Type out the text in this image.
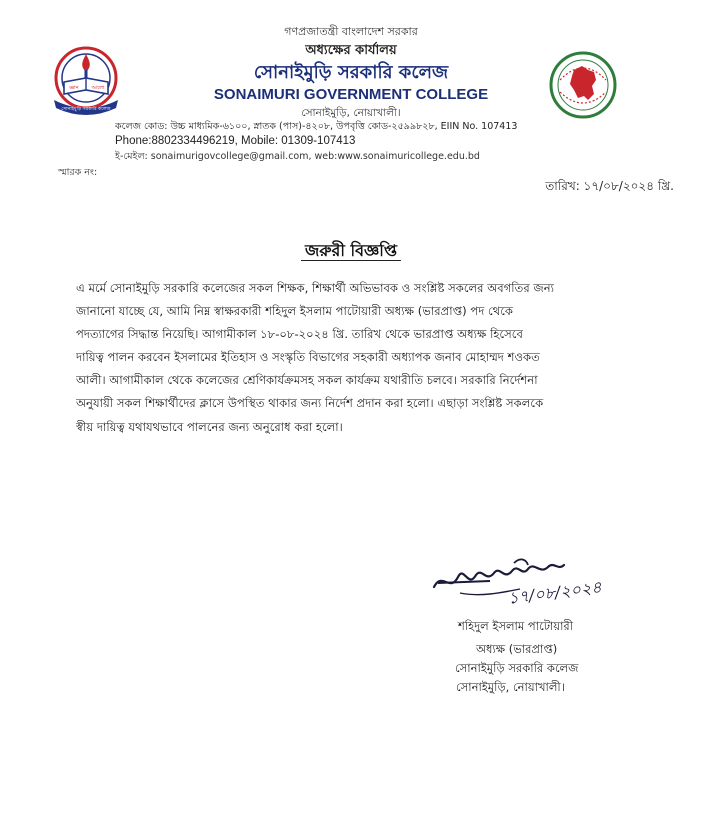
জ্ঞান	আলো
সোনাইমুড়ি সরকারি কলেজ
গণপ্রজাতন্ত্রী বাংলাদেশ সরকার
অধ্যক্ষের কার্যালয়
সোনাইমুড়ি সরকারি কলেজ
SONAIMURI GOVERNMENT COLLEGE
সোনাইমুড়ি, নোয়াখালী।
কলেজ কোড: উচ্চ মাধ্যমিক-৬১০০, স্নাতক (পাস)-৪২০৮, উপবৃত্তি কোড-২৫৯৯৮২৮, EIIN No. 107413
Phone:8802334496219, Mobile: 01309-107413
ই-মেইল: sonaimurigovcollege@gmail.com, web:www.sonaimuricollege.edu.bd
স্মারক নং:
তারিখ: ১৭/০৮/২০২৪ খ্রি.
জরুরী বিজ্ঞপ্তি
এ মর্মে সোনাইমুড়ি সরকারি কলেজের সকল শিক্ষক, শিক্ষার্থী অভিভাবক ও সংশ্লিষ্ট সকলের অবগতির জন্য
জানানো যাচ্ছে যে, আমি নিম্ন স্বাক্ষরকারী শহিদুল ইসলাম পাটোয়ারী অধ্যক্ষ (ভারপ্রাপ্ত) পদ থেকে
পদত্যাগের সিদ্ধান্ত নিয়েছি। আগামীকাল ১৮-০৮-২০২৪ খ্রি. তারিখ থেকে ভারপ্রাপ্ত অধ্যক্ষ হিসেবে
দায়িত্ব পালন করবেন ইসলামের ইতিহাস ও সংস্কৃতি বিভাগের সহকারী অধ্যাপক জনাব মোহাম্মদ শওকত
আলী। আগামীকাল থেকে কলেজের শ্রেণিকার্যক্রমসহ সকল কার্যক্রম যথারীতি চলবে। সরকারি নির্দেশনা
অনুযায়ী সকল শিক্ষার্থীদের ক্লাসে উপস্থিত থাকার জন্য নির্দেশ প্রদান করা হলো। এছাড়া সংশ্লিষ্ট সকলকে
স্বীয় দায়িত্ব যথাযথভাবে পালনের জন্য অনুরোধ করা হলো।
১৭/০৮/২০২৪
শহিদুল ইসলাম পাটোয়ারী
অধ্যক্ষ (ভারপ্রাপ্ত)
সোনাইমুড়ি সরকারি কলেজ
সোনাইমুড়ি, নোয়াখালী।
